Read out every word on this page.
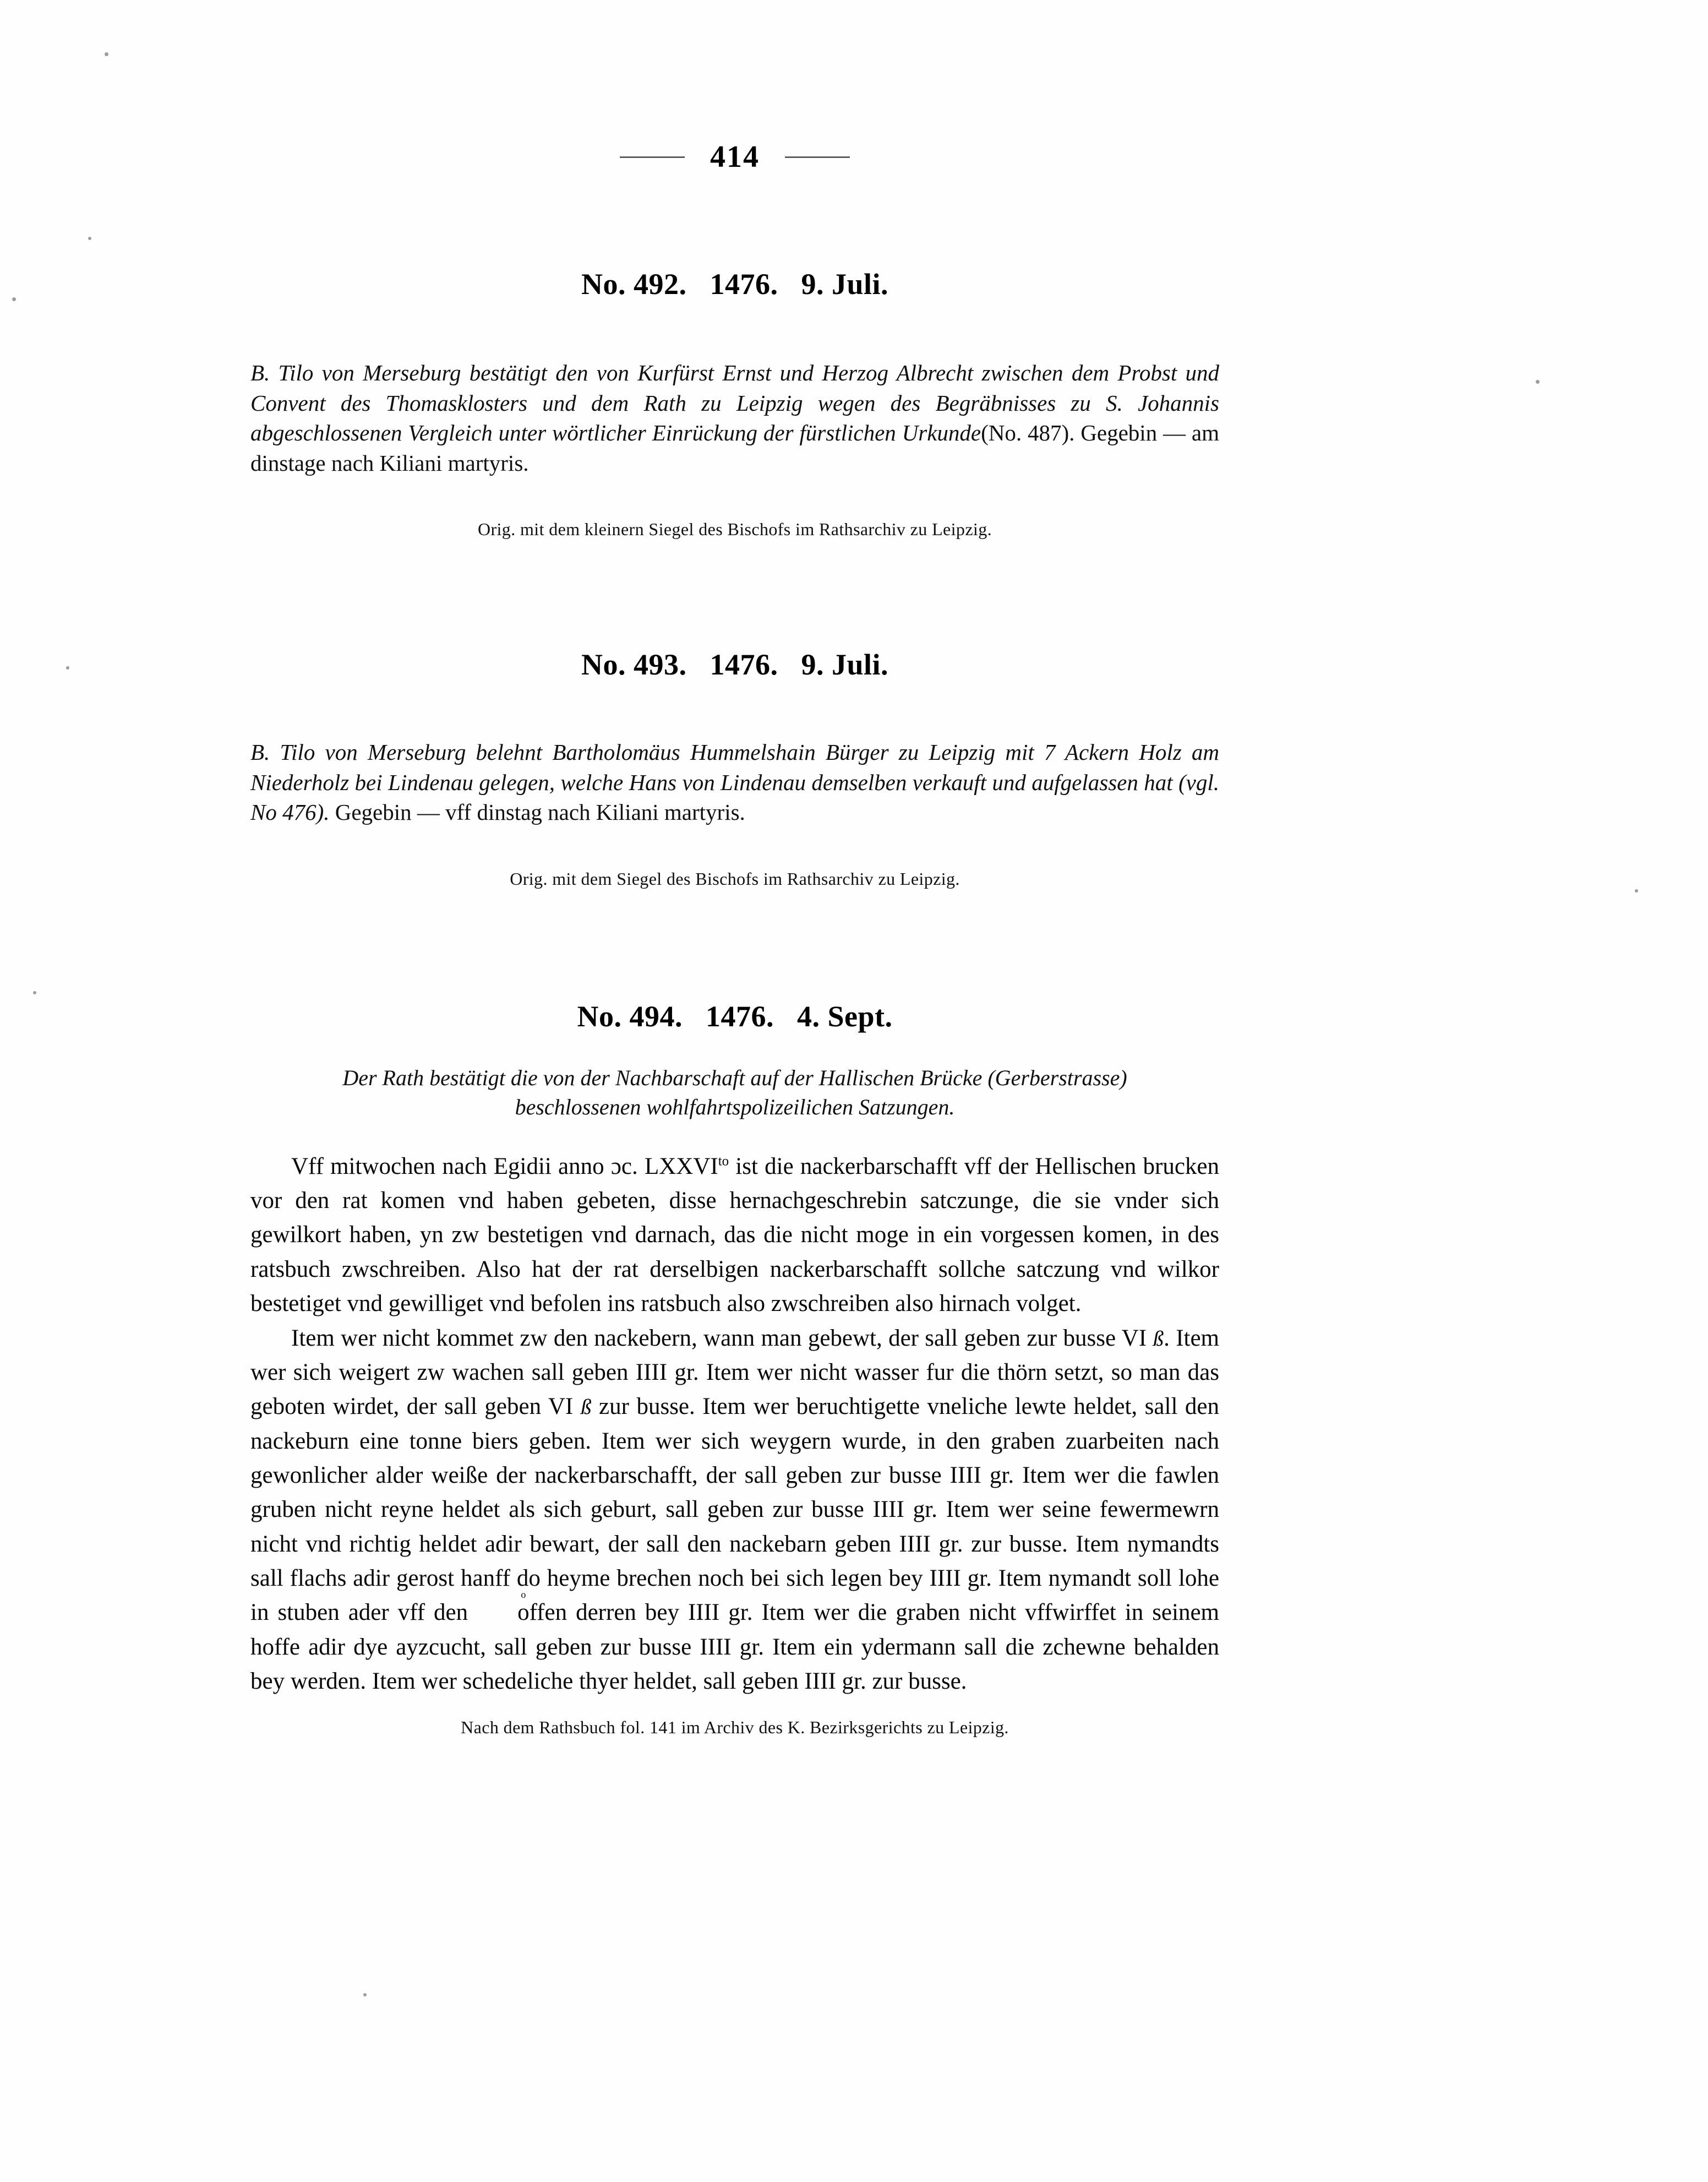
414
No. 492.   1476.   9. Juli.

B. Tilo von Merseburg bestätigt den von Kurfürst Ernst und Herzog Albrecht zwischen dem Probst und Convent des Thomasklosters und dem Rath zu Leipzig wegen des Begräbnisses zu S. Johannis abgeschlossenen Vergleich unter wörtlicher Einrückung der fürstlichen Urkunde(No. 487). Gegebin — am dinstage nach Kiliani martyris.

Orig. mit dem kleinern Siegel des Bischofs im Rathsarchiv zu Leipzig.
No. 493.   1476.   9. Juli.

B. Tilo von Merseburg belehnt Bartholomäus Hummelshain Bürger zu Leipzig mit 7 Ackern Holz am Niederholz bei Lindenau gelegen, welche Hans von Lindenau demselben verkauft und aufgelassen hat (vgl. No 476). Gegebin — vff dinstag nach Kiliani martyris.

Orig. mit dem Siegel des Bischofs im Rathsarchiv zu Leipzig.
No. 494.   1476.   4. Sept.
Der Rath bestätigt die von der Nachbarschaft auf der Hallischen Brücke (Gerberstrasse)
beschlossenen wohlfahrtspolizeilichen Satzungen.

Vff mitwochen nach Egidii anno ɔc. $LXXVI^{to}$ ist die nackerbarschafft vff der Hellischen brucken vor den rat komen vnd haben gebeten, disse hernachgeschrebin satczunge, die sie vnder sich gewilkort haben, yn zw bestetigen vnd darnach, das die nicht moge in ein vorgessen komen, in des ratsbuch zwschreiben. Also hat der rat derselbigen nackerbarschafft sollche satczung vnd wilkor bestetiget vnd gewilliget vnd befolen ins ratsbuch also zwschreiben also hirnach volget.

Item wer nicht kommet zw den nackebern, wann man gebewt, der sall geben zur busse VI ß. Item wer sich weigert zw wachen sall geben IIII gr. Item wer nicht wasser fur die thörn setzt, so man das geboten wirdet, der sall geben VI ß zur busse. Item wer beruchtigette vneliche lewte heldet, sall den nackeburn eine tonne biers geben. Item wer sich weygern wurde, in den graben zuarbeiten nach gewonlicher alder weiße der nackerbarschafft, der sall geben zur busse IIII gr. Item wer die fawlen gruben nicht reyne heldet als sich geburt, sall geben zur busse IIII gr. Item wer seine fewermewrn nicht vnd richtig heldet adir bewart, der sall den nackebarn geben IIII gr. zur busse. Item nymandts sall flachs adir gerost hanff do heyme brechen noch bei sich legen bey IIII gr. Item nymandt soll lohe in stuben ader vff den o offen derren bey IIII gr. Item wer die graben nicht vffwirffet in seinem hoffe adir dye ayzcucht, sall geben zur busse IIII gr. Item ein ydermann sall die zchewne behalden bey werden. Item wer schedeliche thyer heldet, sall geben IIII gr. zur busse.

Nach dem Rathsbuch fol. 141 im Archiv des K. Bezirksgerichts zu Leipzig.
